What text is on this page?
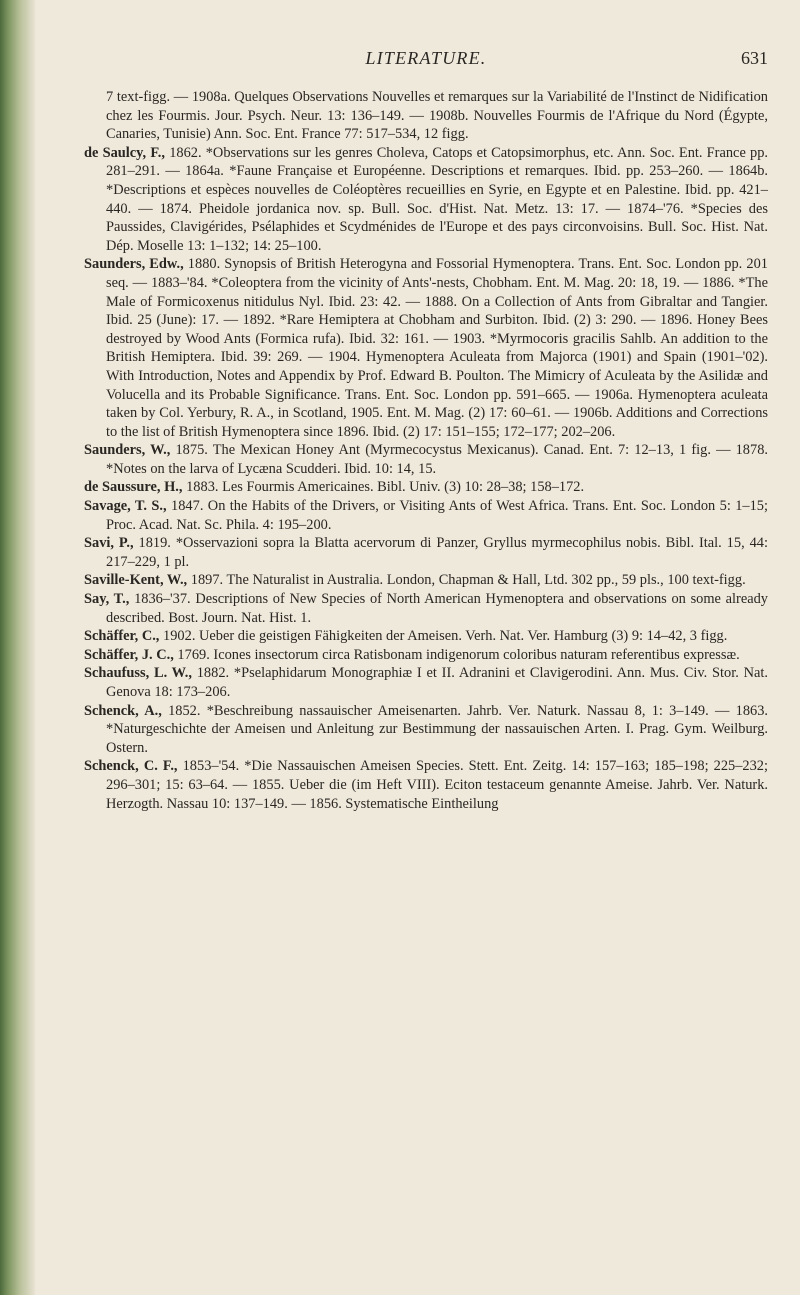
LITERATURE.	631

7 text-figg. — 1908a. Quelques Observations Nouvelles et remarques sur la Variabilité de l'Instinct de Nidification chez les Fourmis. Jour. Psych. Neur. 13: 136–149. — 1908b. Nouvelles Fourmis de l'Afrique du Nord (Égypte, Canaries, Tunisie) Ann. Soc. Ent. France 77: 517–534, 12 figg.

de Saulcy, F., 1862. *Observations sur les genres Choleva, Catops et Catopsimorphus, etc. Ann. Soc. Ent. France pp. 281–291. — 1864a. *Faune Française et Européenne. Descriptions et remarques. Ibid. pp. 253–260. — 1864b. *Descriptions et espèces nouvelles de Coléoptères recueillies en Syrie, en Egypte et en Palestine. Ibid. pp. 421–440. — 1874. Pheidole jordanica nov. sp. Bull. Soc. d'Hist. Nat. Metz. 13: 17. — 1874–'76. *Species des Paussides, Clavigérides, Psélaphides et Scydménides de l'Europe et des pays circonvoisins. Bull. Soc. Hist. Nat. Dép. Moselle 13: 1–132; 14: 25–100.

Saunders, Edw., 1880. Synopsis of British Heterogyna and Fossorial Hymenoptera. Trans. Ent. Soc. London pp. 201 seq. — 1883–'84. *Coleoptera from the vicinity of Ants'-nests, Chobham. Ent. M. Mag. 20: 18, 19. — 1886. *The Male of Formicoxenus nitidulus Nyl. Ibid. 23: 42. — 1888. On a Collection of Ants from Gibraltar and Tangier. Ibid. 25 (June): 17. — 1892. *Rare Hemiptera at Chobham and Surbiton. Ibid. (2) 3: 290. — 1896. Honey Bees destroyed by Wood Ants (Formica rufa). Ibid. 32: 161. — 1903. *Myrmocoris gracilis Sahlb. An addition to the British Hemiptera. Ibid. 39: 269. — 1904. Hymenoptera Aculeata from Majorca (1901) and Spain (1901–'02). With Introduction, Notes and Appendix by Prof. Edward B. Poulton. The Mimicry of Aculeata by the Asilidæ and Volucella and its Probable Significance. Trans. Ent. Soc. London pp. 591–665. — 1906a. Hymenoptera aculeata taken by Col. Yerbury, R. A., in Scotland, 1905. Ent. M. Mag. (2) 17: 60–61. — 1906b. Additions and Corrections to the list of British Hymenoptera since 1896. Ibid. (2) 17: 151–155; 172–177; 202–206.

Saunders, W., 1875. The Mexican Honey Ant (Myrmecocystus Mexicanus). Canad. Ent. 7: 12–13, 1 fig. — 1878. *Notes on the larva of Lycæna Scudderi. Ibid. 10: 14, 15.

de Saussure, H., 1883. Les Fourmis Americaines. Bibl. Univ. (3) 10: 28–38; 158–172.

Savage, T. S., 1847. On the Habits of the Drivers, or Visiting Ants of West Africa. Trans. Ent. Soc. London 5: 1–15; Proc. Acad. Nat. Sc. Phila. 4: 195–200.

Savi, P., 1819. *Osservazioni sopra la Blatta acervorum di Panzer, Gryllus myrmecophilus nobis. Bibl. Ital. 15, 44: 217–229, 1 pl.

Saville-Kent, W., 1897. The Naturalist in Australia. London, Chapman & Hall, Ltd. 302 pp., 59 pls., 100 text-figg.

Say, T., 1836–'37. Descriptions of New Species of North American Hymenoptera and observations on some already described. Bost. Journ. Nat. Hist. 1.

Schäffer, C., 1902. Ueber die geistigen Fähigkeiten der Ameisen. Verh. Nat. Ver. Hamburg (3) 9: 14–42, 3 figg.

Schäffer, J. C., 1769. Icones insectorum circa Ratisbonam indigenorum coloribus naturam referentibus expressæ.

Schaufuss, L. W., 1882. *Pselaphidarum Monographiæ I et II. Adranini et Clavigerodini. Ann. Mus. Civ. Stor. Nat. Genova 18: 173–206.

Schenck, A., 1852. *Beschreibung nassauischer Ameisenarten. Jahrb. Ver. Naturk. Nassau 8, 1: 3–149. — 1863. *Naturgeschichte der Ameisen und Anleitung zur Bestimmung der nassauischen Arten. I. Prag. Gym. Weilburg. Ostern.

Schenck, C. F., 1853–'54. *Die Nassauischen Ameisen Species. Stett. Ent. Zeitg. 14: 157–163; 185–198; 225–232; 296–301; 15: 63–64. — 1855. Ueber die (im Heft VIII). Eciton testaceum genannte Ameise. Jahrb. Ver. Naturk. Herzogth. Nassau 10: 137–149. — 1856. Systematische Eintheilung
